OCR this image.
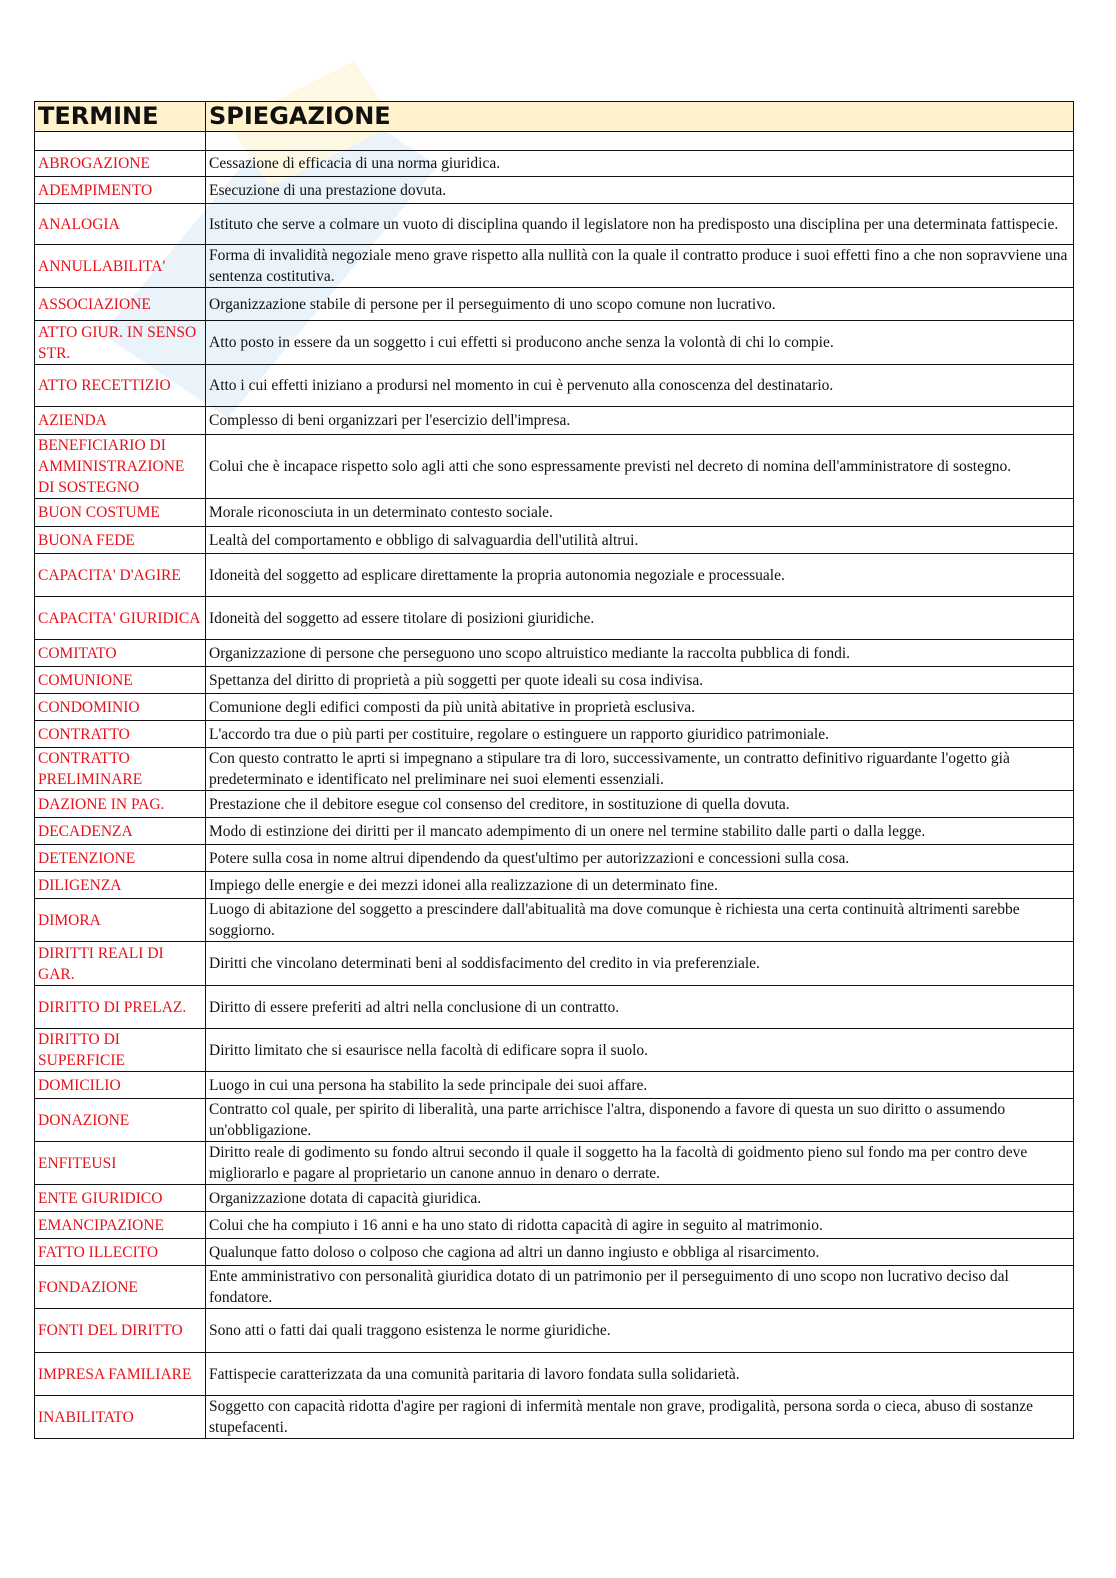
TERMINE	SPIEGAZIONE

ABROGAZIONE	Cessazione di efficacia di una norma giuridica.
ADEMPIMENTO	Esecuzione di una prestazione dovuta.
ANALOGIA	Istituto che serve a colmare un vuoto di disciplina quando il legislatore non ha predisposto una disciplina per una determinata fattispecie.
ANNULLABILITA'	Forma di invalidità negoziale meno grave rispetto alla nullità con la quale il contratto produce i suoi effetti fino a che non sopravviene una sentenza costitutiva.
ASSOCIAZIONE	Organizzazione stabile di persone per il perseguimento di uno scopo comune non lucrativo.
ATTO GIUR. IN SENSO STR.	Atto posto in essere da un soggetto i cui effetti si producono anche senza la volontà di chi lo compie.
ATTO RECETTIZIO	Atto i cui effetti iniziano a prodursi nel momento in cui è pervenuto alla conoscenza del destinatario.
AZIENDA	Complesso di beni organizzari per l'esercizio dell'impresa.
BENEFICIARIO DI AMMINISTRAZIONE DI SOSTEGNO	Colui che è incapace rispetto solo agli atti che sono espressamente previsti nel decreto di nomina dell'amministratore di sostegno.
BUON COSTUME	Morale riconosciuta in un determinato contesto sociale.
BUONA FEDE	Lealtà del comportamento e obbligo di salvaguardia dell'utilità altrui.
CAPACITA' D'AGIRE	Idoneità del soggetto ad esplicare direttamente la propria autonomia negoziale e processuale.
CAPACITA' GIURIDICA	Idoneità del soggetto ad essere titolare di posizioni giuridiche.
COMITATO	Organizzazione di persone che perseguono uno scopo altruistico mediante la raccolta pubblica di fondi.
COMUNIONE	Spettanza del diritto di proprietà a più soggetti per quote ideali su cosa indivisa.
CONDOMINIO	Comunione degli edifici composti da più unità abitative in proprietà esclusiva.
CONTRATTO	L'accordo tra due o più parti per costituire, regolare o estinguere un rapporto giuridico patrimoniale.
CONTRATTO PRELIMINARE	Con questo contratto le aprti si impegnano a stipulare tra di loro, successivamente, un contratto definitivo riguardante l'ogetto già predeterminato e identificato nel preliminare nei suoi elementi essenziali.
DAZIONE IN PAG.	Prestazione che il debitore esegue col consenso del creditore, in sostituzione di quella dovuta.
DECADENZA	Modo di estinzione dei diritti per il mancato adempimento di un onere nel termine stabilito dalle parti o dalla legge.
DETENZIONE	Potere sulla cosa in nome altrui dipendendo da quest'ultimo per autorizzazioni e concessioni sulla cosa.
DILIGENZA	Impiego delle energie e dei mezzi idonei alla realizzazione di un determinato fine.
DIMORA	Luogo di abitazione del soggetto a prescindere dall'abitualità ma dove comunque è richiesta una certa continuità altrimenti sarebbe soggiorno.
DIRITTI REALI DI GAR.	Diritti che vincolano determinati beni al soddisfacimento del credito in via preferenziale.
DIRITTO DI PRELAZ.	Diritto di essere preferiti ad altri nella conclusione di un contratto.
DIRITTO DI SUPERFICIE	Diritto limitato che si esaurisce nella facoltà di edificare sopra il suolo.
DOMICILIO	Luogo in cui una persona ha stabilito la sede principale dei suoi affare.
DONAZIONE	Contratto col quale, per spirito di liberalità, una parte arrichisce l'altra, disponendo a favore di questa un suo diritto o assumendo un'obbligazione.
ENFITEUSI	Diritto reale di godimento su fondo altrui secondo il quale il soggetto ha la facoltà di goidmento pieno sul fondo ma per contro deve migliorarlo e pagare al proprietario un canone annuo in denaro o derrate.
ENTE GIURIDICO	Organizzazione dotata di capacità giuridica.
EMANCIPAZIONE	Colui che ha compiuto i 16 anni e ha uno stato di ridotta capacità di agire in seguito al matrimonio.
FATTO ILLECITO	Qualunque fatto doloso o colposo che cagiona ad altri un danno ingiusto e obbliga al risarcimento.
FONDAZIONE	Ente amministrativo con personalità giuridica dotato di un patrimonio per il perseguimento di uno scopo non lucrativo deciso dal fondatore.
FONTI DEL DIRITTO	Sono atti o fatti dai quali traggono esistenza le norme giuridiche.
IMPRESA FAMILIARE	Fattispecie caratterizzata da una comunità paritaria di lavoro fondata sulla solidarietà.
INABILITATO	Soggetto con capacità ridotta d'agire per ragioni di infermità mentale non grave, prodigalità, persona sorda o cieca, abuso di sostanze stupefacenti.
